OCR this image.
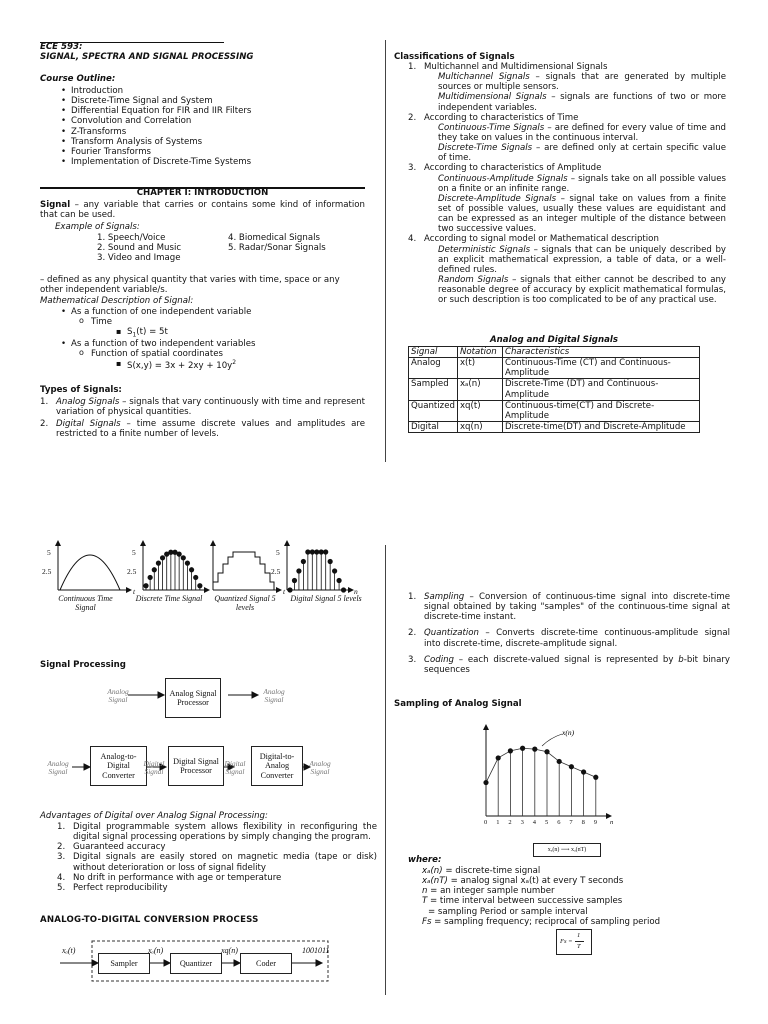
ECE 593:
SIGNAL, SPECTRA AND SIGNAL PROCESSING
Course Outline:
• Introduction
• Discrete-Time Signal and System
• Differential Equation for FIR and IIR Filters
• Convolution and Correlation
• Z-Transforms
• Transform Analysis of Systems
• Fourier Transforms
• Implementation of Discrete-Time Systems
CHAPTER I: INTRODUCTION
Signal – any variable that carries or contains some kind of information that can be used.
Example of Signals:
1. Speech/Voice
2. Sound and Music
3. Video and Image
4. Biomedical Signals
5. Radar/Sonar Signals
– defined as any physical quantity that varies with time, space or any other independent variable/s.
Mathematical Description of Signal:
• As a function of one independent variable
o Time
▪ $S_1(t) = 5t$
• As a function of two independent variables
o Function of spatial coordinates
▪ $S(x,y) = 3x + 2xy + 10y^2$
Types of Signals:
1. Analog Signals – signals that vary continuously with time and represent variation of physical quantities.
2. Digital Signals – time assume discrete values and amplitudes are restricted to a finite number of levels.
Classifications of Signals
1. Multichannel and Multidimensional Signals
Multichannel Signals – signals that are generated by multiple sources or multiple sensors.
Multidimensional Signals – signals are functions of two or more independent variables.
2. According to characteristics of Time
Continuous-Time Signals – are defined for every value of time and they take on values in the continuous interval.
Discrete-Time Signals – are defined only at certain specific value of time.
3. According to characteristics of Amplitude
Continuous-Amplitude Signals – signals take on all possible values on a finite or an infinite range.
Discrete-Amplitude Signals – signal take on values from a finite set of possible values, usually these values are equidistant and can be expressed as an integer multiple of the distance between two successive values.
4. According to signal model or Mathematical description
Deterministic Signals – signals that can be uniquely described by an explicit mathematical expression, a table of data, or a well-defined rules.
Random Signals – signals that either cannot be described to any reasonable degree of accuracy by explicit mathematical formulas, or such description is too complicated to be of any practical use.
Analog and Digital Signals
Signal	Notation	Characteristics
Analog	x(t)	Continuous-Time (CT) and Continuous-Amplitude
Sampled	xₐ(n)	Discrete-Time (DT) and Continuous-Amplitude
Quantized	xq(t)	Continuous-time(CT) and Discrete-Amplitude
Digital	xq(n)	Discrete-time(DT) and Discrete-Amplitude
5
2.5
t
5
2.5
t
5
2.5
n
Continuous Time Signal
Discrete Time Signal	Quantized Signal 5 levels
Digital Signal 5 levels
Signal Processing
Analog Signal
Analog Signal Processor
Analog Signal
Analog Signal
Analog-to-Digital Converter
Digital Signal
Digital Signal Processor
Digital Signal
Digital-to-Analog Converter
Analog Signal
Advantages of Digital over Analog Signal Processing:
1. Digital programmable system allows flexibility in reconfiguring the digital signal processing operations by simply changing the program.
2. Guaranteed accuracy
3. Digital signals are easily stored on magnetic media (tape or disk) without deterioration or loss of signal fidelity
4. No drift in performance with age or temperature
5. Perfect reproducibility
ANALOG-TO-DIGITAL CONVERSION PROCESS
xₐ(t)
Sampler
xₐ(n)
Quantizer
xq(n)
Coder
1001011
1. Sampling – Conversion of continuous-time signal into discrete-time signal obtained by taking "samples" of the continuous-time signal at discrete-time instant.
2. Quantization – Converts discrete-time continuous-amplitude signal into discrete-time, discrete-amplitude signal.
3. Coding – each discrete-valued signal is represented by b-bit binary sequences
Sampling of Analog Signal
0 1 2 3 4 5 6 7 8 9
x(n)
n
xₐ(n) ⟶ xₐ(nT)
where:
xₐ(n) = discrete-time signal
xₐ(nT) = analog signal xₐ(t) at every T seconds
n = an integer sample number
T = time interval between successive samples
= sampling Period or sample interval
Fs = sampling frequency; reciprocal of sampling period
Fs =
1
T
